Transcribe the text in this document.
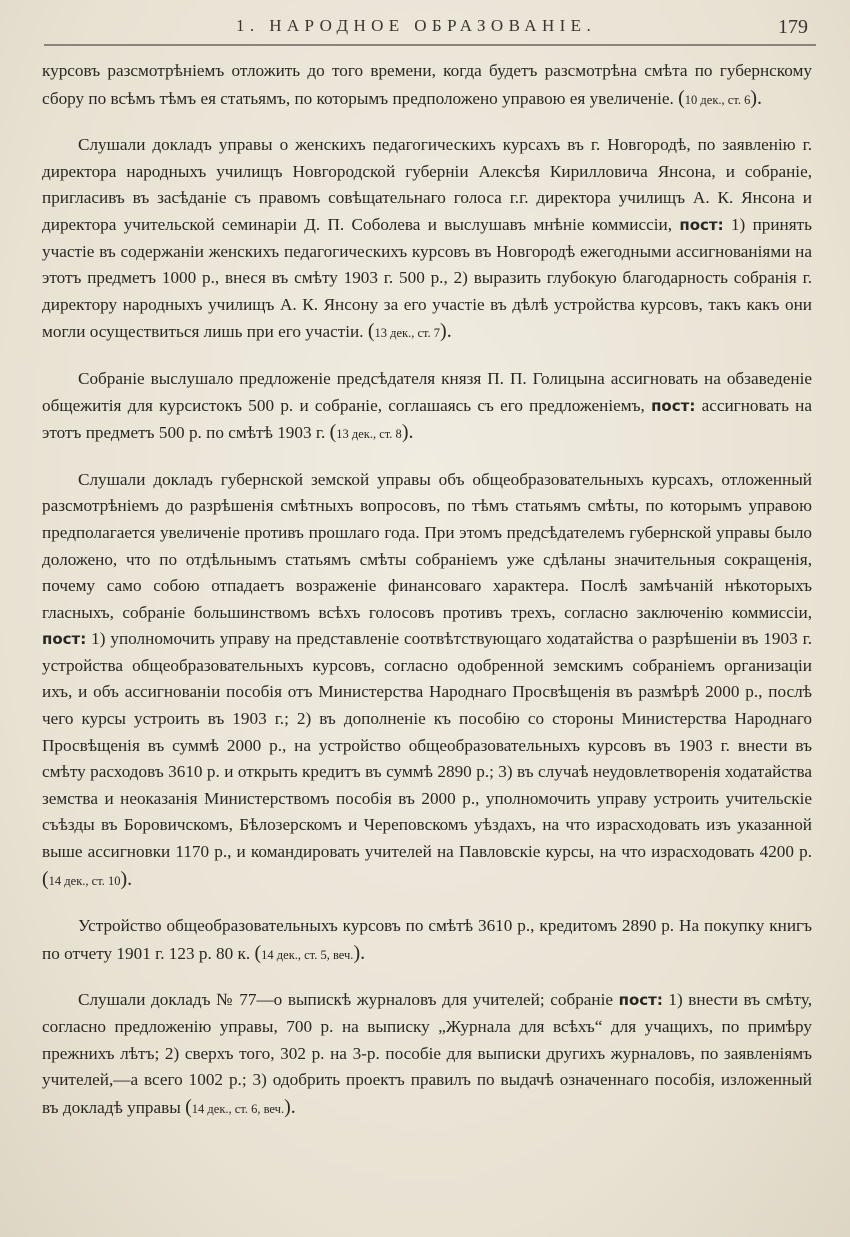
1. НАРОДНОЕ ОБРАЗОВАНІЕ.	179

курсовъ разсмотрѣніемъ отложить до того времени, когда будетъ разсмотрѣна смѣта по губернскому сбору по всѣмъ тѣмъ ея статьямъ, по которымъ предположено управою ея увеличеніе. (10 дек., ст. 6).

Слушали докладъ управы о женскихъ педагогическихъ курсахъ въ г. Новгородѣ, по заявленію г. директора народныхъ училищъ Новгородской губерніи Алексѣя Кирилловича Янсона, и собраніе, пригласивъ въ засѣданіе съ правомъ совѣщательнаго голоса г.г. директора училищъ А. К. Янсона и директора учительской семинаріи Д. П. Соболева и выслушавъ мнѣніе коммиссіи, пост: 1) принять участіе въ содержаніи женскихъ педагогическихъ курсовъ въ Новгородѣ ежегодными ассигнованіями на этотъ предметъ 1000 р., внеся въ смѣту 1903 г. 500 р., 2) выразить глубокую благодарность собранія г. директору народныхъ училищъ А. К. Янсону за его участіе въ дѣлѣ устройства курсовъ, такъ какъ они могли осуществиться лишь при его участіи. (13 дек., ст. 7).

Собраніе выслушало предложеніе предсѣдателя князя П. П. Голицына ассигновать на обзаведеніе общежитія для курсистокъ 500 р. и собраніе, соглашаясь съ его предложеніемъ, пост: ассигновать на этотъ предметъ 500 р. по смѣтѣ 1903 г. (13 дек., ст. 8).

Слушали докладъ губернской земской управы объ общеобразовательныхъ курсахъ, отложенный разсмотрѣніемъ до разрѣшенія смѣтныхъ вопросовъ, по тѣмъ статьямъ смѣты, по которымъ управою предполагается увеличеніе противъ прошлаго года. При этомъ предсѣдателемъ губернской управы было доложено, что по отдѣльнымъ статьямъ смѣты собраніемъ уже сдѣланы значительныя сокращенія, почему само собою отпадаетъ возраженіе финансоваго характера. Послѣ замѣчаній нѣкоторыхъ гласныхъ, собраніе большинствомъ всѣхъ голосовъ противъ трехъ, согласно заключенію коммиссіи, пост: 1) уполномочить управу на представленіе соотвѣтствующаго ходатайства о разрѣшеніи въ 1903 г. устройства общеобразовательныхъ курсовъ, согласно одобренной земскимъ собраніемъ организаціи ихъ, и объ ассигнованіи пособія отъ Министерства Народнаго Просвѣщенія въ размѣрѣ 2000 р., послѣ чего курсы устроить въ 1903 г.; 2) въ дополненіе къ пособію со стороны Министерства Народнаго Просвѣщенія въ суммѣ 2000 р., на устройство общеобразовательныхъ курсовъ въ 1903 г. внести въ смѣту расходовъ 3610 р. и открыть кредитъ въ суммѣ 2890 р.; 3) въ случаѣ неудовлетворенія ходатайства земства и неоказанія Министерствомъ пособія въ 2000 р., уполномочить управу устроить учительскіе съѣзды въ Боровичскомъ, Бѣлозерскомъ и Череповскомъ уѣздахъ, на что израсходовать изъ указанной выше ассигновки 1170 р., и командировать учителей на Павловскіе курсы, на что израсходовать 4200 р. (14 дек., ст. 10).

Устройство общеобразовательныхъ курсовъ по смѣтѣ 3610 р., кредитомъ 2890 р. На покупку книгъ по отчету 1901 г. 123 р. 80 к. (14 дек., ст. 5, веч.).

Слушали докладъ № 77—о выпискѣ журналовъ для учителей; собраніе пост: 1) внести въ смѣту, согласно предложенію управы, 700 р. на выписку „Журнала для всѣхъ“ для учащихъ, по примѣру прежнихъ лѣтъ; 2) сверхъ того, 302 р. на 3-р. пособіе для выписки другихъ журналовъ, по заявленіямъ учителей,—а всего 1002 р.; 3) одобрить проектъ правилъ по выдачѣ означеннаго пособія, изложенный въ докладѣ управы (14 дек., ст. 6, веч.).
